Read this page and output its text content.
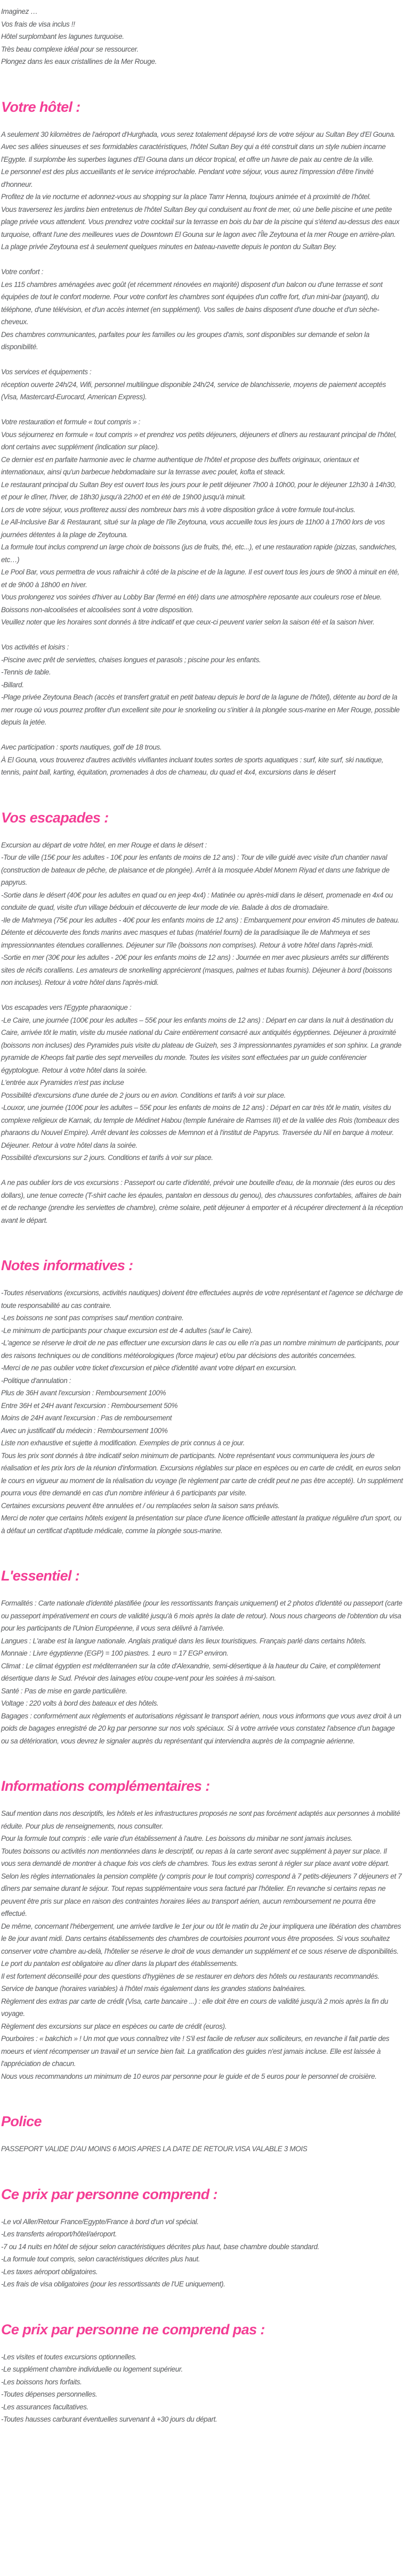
Imaginez …

Vos frais de visa inclus !!

Hôtel surplombant les lagunes turquoise.

Très beau complexe idéal pour se ressourcer.

Plongez dans les eaux cristallines de la Mer Rouge.

Votre hôtel :

A seulement 30 kilomètres de l'aéroport d'Hurghada, vous serez totalement dépaysé lors de votre séjour au Sultan Bey d'El Gouna.

Avec ses allées sinueuses et ses formidables caractéristiques, l'hôtel Sultan Bey qui a été construit dans un style nubien incarne l'Egypte. Il surplombe les superbes lagunes d'El Gouna dans un décor tropical, et offre un havre de paix au centre de la ville.

Le personnel est des plus accueillants et le service irréprochable. Pendant votre séjour, vous aurez l'impression d'être l'invité d'honneur.

Profitez de la vie nocturne et adonnez-vous au shopping sur la place Tamr Henna, toujours animée et à proximité de l'hôtel.

Vous traverserez les jardins bien entretenus de l'hôtel Sultan Bey qui conduisent au front de mer, où une belle piscine et une petite plage privée vous attendent. Vous prendrez votre cocktail sur la terrasse en bois du bar de la piscine qui s'étend au-dessus des eaux turquoise, offrant l'une des meilleures vues de Downtown El Gouna sur le lagon avec l'Île Zeytouna et la mer Rouge en arrière-plan. La plage privée Zeytouna est à seulement quelques minutes en bateau-navette depuis le ponton du Sultan Bey.

Votre confort :

Les 115 chambres aménagées avec goût (et récemment rénovées en majorité) disposent d'un balcon ou d'une terrasse et sont équipées de tout le confort moderne. Pour votre confort les chambres sont équipées d'un coffre fort, d'un mini-bar (payant), du téléphone, d'une télévision, et d'un accès internet (en supplément). Vos salles de bains disposent d'une douche et d'un sèche-cheveux.

Des chambres communicantes, parfaites pour les familles ou les groupes d'amis, sont disponibles sur demande et selon la disponibilité.

Vos services et équipements :

réception ouverte 24h/24, Wifi, personnel multilingue disponible 24h/24, service de blanchisserie, moyens de paiement acceptés (Visa, Mastercard-Eurocard, American Express).

Votre restauration et formule « tout compris » :

Vous séjournerez en formule « tout compris » et prendrez vos petits déjeuners, déjeuners et dîners au restaurant principal de l'hôtel, dont certains avec supplément (indication sur place).

Ce dernier est en parfaite harmonie avec le charme authentique de l'hôtel et propose des buffets originaux, orientaux et internationaux, ainsi qu'un barbecue hebdomadaire sur la terrasse avec poulet, kofta et steack.

Le restaurant principal du Sultan Bey est ouvert tous les jours pour le petit déjeuner 7h00 à 10h00, pour le déjeuner 12h30 à 14h30, et pour le dîner, l'hiver, de 18h30 jusqu'à 22h00 et en été de 19h00 jusqu'à minuit.

Lors de votre séjour, vous profiterez aussi des nombreux bars mis à votre disposition grâce à votre formule tout-inclus.

Le All-Inclusive Bar & Restaurant, situé sur la plage de l'île Zeytouna, vous accueille tous les jours de 11h00 à 17h00 lors de vos journées détentes à la plage de Zeytouna.

La formule tout inclus comprend un large choix de boissons (jus de fruits, thé, etc...), et une restauration rapide (pizzas, sandwiches, etc…)

Le Pool Bar, vous permettra de vous rafraichir à côté de la piscine et de la lagune. Il est ouvert tous les jours de 9h00 à minuit en été, et de 9h00 à 18h00 en hiver.

Vous prolongerez vos soirées d'hiver au Lobby Bar (fermé en été) dans une atmosphère reposante aux couleurs rose et bleue. Boissons non-alcoolisées et alcoolisées sont à votre disposition.

Veuillez noter que les horaires sont donnés à titre indicatif et que ceux-ci peuvent varier selon la saison été et la saison hiver.

Vos activités et loisirs :

-Piscine avec prêt de serviettes, chaises longues et parasols ; piscine pour les enfants.

-Tennis de table.

-Billard.

-Plage privée Zeytouna Beach (accès et transfert gratuit en petit bateau depuis le bord de la lagune de l'hôtel), détente au bord de la mer rouge où vous pourrez profiter d'un excellent site pour le snorkeling ou s'initier à la plongée sous-marine en Mer Rouge, possible depuis la jetée.

Avec participation : sports nautiques, golf de 18 trous.

À El Gouna, vous trouverez d'autres activités vivifiantes incluant toutes sortes de sports aquatiques : surf, kite surf, ski nautique, tennis, paint ball, karting, équitation, promenades à dos de chameau, du quad et 4x4, excursions dans le désert

Vos escapades :

Excursion au départ de votre hôtel, en mer Rouge et dans le désert :

-Tour de ville (15€ pour les adultes - 10€ pour les enfants de moins de 12 ans) : Tour de ville guidé avec visite d'un chantier naval (construction de bateaux de pêche, de plaisance et de plongée). Arrêt à la mosquée Abdel Monem Riyad et dans une fabrique de papyrus.

-Sortie dans le désert (40€ pour les adultes en quad ou en jeep 4x4) : Matinée ou après-midi dans le désert, promenade en 4x4 ou conduite de quad, visite d'un village bédouin et découverte de leur mode de vie. Balade à dos de dromadaire.

-Ile de Mahmeya (75€ pour les adultes - 40€ pour les enfants moins de 12 ans) : Embarquement pour environ 45 minutes de bateau. Détente et découverte des fonds marins avec masques et tubas (matériel fourni) de la paradisiaque île de Mahmeya et ses impressionnantes étendues coralliennes. Déjeuner sur l'île (boissons non comprises). Retour à votre hôtel dans l'après-midi.

-Sortie en mer (30€ pour les adultes - 20€ pour les enfants moins de 12 ans) : Journée en mer avec plusieurs arrêts sur différents sites de récifs coralliens. Les amateurs de snorkelling apprécieront (masques, palmes et tubas fournis). Déjeuner à bord (boissons non incluses). Retour à votre hôtel dans l'après-midi.

Vos escapades vers l'Egypte pharaonique :

-Le Caire, une journée (100€ pour les adultes – 55€ pour les enfants moins de 12 ans) : Départ en car dans la nuit à destination du Caire, arrivée tôt le matin, visite du musée national du Caire entièrement consacré aux antiquités égyptiennes. Déjeuner à proximité (boissons non incluses) des Pyramides puis visite du plateau de Guizeh, ses 3 impressionnantes pyramides et son sphinx. La grande pyramide de Kheops fait partie des sept merveilles du monde. Toutes les visites sont effectuées par un guide conférencier égyptologue. Retour à votre hôtel dans la soirée.

L'entrée aux Pyramides n'est pas incluse

Possibilité d'excursions d'une durée de 2 jours ou en avion. Conditions et tarifs à voir sur place.

-Louxor, une journée (100€ pour les adultes – 55€ pour les enfants de moins de 12 ans) : Départ en car très tôt le matin, visites du complexe religieux de Karnak, du temple de Médinet Habou (temple funéraire de Ramses III) et de la vallée des Rois (tombeaux des pharaons du Nouvel Empire). Arrêt devant les colosses de Memnon et à l'institut de Papyrus. Traversée du Nil en barque à moteur. Déjeuner. Retour à votre hôtel dans la soirée.

Possibilité d'excursions sur 2 jours. Conditions et tarifs à voir sur place.

A ne pas oublier lors de vos excursions : Passeport ou carte d'identité, prévoir une bouteille d'eau, de la monnaie (des euros ou des dollars), une tenue correcte (T-shirt cache les épaules, pantalon en dessous du genou), des chaussures confortables, affaires de bain et de rechange (prendre les serviettes de chambre), crème solaire, petit déjeuner à emporter et à récupérer directement à la réception avant le départ.

Notes informatives :

-Toutes réservations (excursions, activités nautiques) doivent être effectuées auprès de votre représentant et l'agence se décharge de toute responsabilité au cas contraire.

-Les boissons ne sont pas comprises sauf mention contraire.

-Le minimum de participants pour chaque excursion est de 4 adultes (sauf le Caire).

-L'agence se réserve le droit de ne pas effectuer une excursion dans le cas ou elle n'a pas un nombre minimum de participants, pour des raisons techniques ou de conditions météorologiques (force majeur) et/ou par décisions des autorités concernées.

-Merci de ne pas oublier votre ticket d'excursion et pièce d'identité avant votre départ en excursion.

-Politique d'annulation :

Plus de 36H avant l'excursion : Remboursement 100%

Entre 36H et 24H avant l'excursion : Remboursement 50%

Moins de 24H avant l'excursion : Pas de remboursement

Avec un justificatif du médecin : Remboursement 100%

Liste non exhaustive et sujette à modification. Exemples de prix connus à ce jour.

Tous les prix sont donnés à titre indicatif selon minimum de participants. Notre représentant vous communiquera les jours de réalisation et les prix lors de la réunion d'information. Excursions réglables sur place en espèces ou en carte de crédit, en euros selon le cours en vigueur au moment de la réalisation du voyage (le règlement par carte de crédit peut ne pas être accepté). Un supplément pourra vous être demandé en cas d'un nombre inférieur à 6 participants par visite.

Certaines excursions peuvent être annulées et / ou remplacées selon la saison sans préavis.

Merci de noter que certains hôtels exigent la présentation sur place d'une licence officielle attestant la pratique régulière d'un sport, ou à défaut un certificat d'aptitude médicale, comme la plongée sous-marine.

L'essentiel :

Formalités : Carte nationale d'identité plastifiée (pour les ressortissants français uniquement) et 2 photos d'identité ou passeport (carte ou passeport impérativement en cours de validité jusqu'à 6 mois après la date de retour). Nous nous chargeons de l'obtention du visa pour les participants de l'Union Européenne, il vous sera délivré à l'arrivée.

Langues : L'arabe est la langue nationale. Anglais pratiqué dans les lieux touristiques. Français parlé dans certains hôtels.

Monnaie : Livre égyptienne (EGP) = 100 piastres. 1 euro = 17 EGP environ.

Climat : Le climat égyptien est méditerranéen sur la côte d'Alexandrie, semi-désertique à la hauteur du Caire, et complètement désertique dans le Sud. Prévoir des lainages et/ou coupe-vent pour les soirées à mi-saison.

Santé : Pas de mise en garde particulière.

Voltage : 220 volts à bord des bateaux et des hôtels.

Bagages : conformément aux règlements et autorisations régissant le transport aérien, nous vous informons que vous avez droit à un poids de bagages enregistré de 20 kg par personne sur nos vols spéciaux. Si à votre arrivée vous constatez l'absence d'un bagage ou sa détérioration, vous devrez le signaler auprès du représentant qui interviendra auprès de la compagnie aérienne.

Informations complémentaires :

Sauf mention dans nos descriptifs, les hôtels et les infrastructures proposés ne sont pas forcément adaptés aux personnes à mobilité réduite. Pour plus de renseignements, nous consulter.

Pour la formule tout compris : elle varie d'un établissement à l'autre. Les boissons du minibar ne sont jamais incluses.

Toutes boissons ou activités non mentionnées dans le descriptif, ou repas à la carte seront avec supplément à payer sur place. Il vous sera demandé de montrer à chaque fois vos clefs de chambres. Tous les extras seront à régler sur place avant votre départ.

Selon les règles internationales la pension complète (y compris pour le tout compris) correspond à 7 petits-déjeuners 7 déjeuners et 7 dîners par semaine durant le séjour. Tout repas supplémentaire vous sera facturé par l'hôtelier. En revanche si certains repas ne peuvent être pris sur place en raison des contraintes horaires liées au transport aérien, aucun remboursement ne pourra être effectué.

De même, concernant l'hébergement, une arrivée tardive le 1er jour ou tôt le matin du 2e jour impliquera une libération des chambres le 8e jour avant midi. Dans certains établissements des chambres de courtoisies pourront vous être proposées. Si vous souhaitez conserver votre chambre au-delà, l'hôtelier se réserve le droit de vous demander un supplément et ce sous réserve de disponibilités.

Le port du pantalon est obligatoire au dîner dans la plupart des établissements.

Il est fortement déconseillé pour des questions d'hygiènes de se restaurer en dehors des hôtels ou restaurants recommandés.

Service de banque (horaires variables) à l'hôtel mais également dans les grandes stations balnéaires.

Règlement des extras par carte de crédit (Visa, carte bancaire ...) : elle doit être en cours de validité jusqu'à 2 mois après la fin du voyage.

Règlement des excursions sur place en espèces ou carte de crédit (euros).

Pourboires : « bakchich » ! Un mot que vous connaîtrez vite ! S'il est facile de refuser aux solliciteurs, en revanche il fait partie des moeurs et vient récompenser un travail et un service bien fait. La gratification des guides n'est jamais incluse. Elle est laissée à l'appréciation de chacun.

Nous vous recommandons un minimum de 10 euros par personne pour le guide et de 5 euros pour le personnel de croisière.

Police

PASSEPORT VALIDE D'AU MOINS 6 MOIS APRES LA DATE DE RETOUR.VISA VALABLE 3 MOIS

Ce prix par personne comprend :

-Le vol Aller/Retour France/Egypte/France à bord d'un vol spécial.

-Les transferts aéroport/hôtel/aéroport.

-7 ou 14 nuits en hôtel de séjour selon caractéristiques décrites plus haut, base chambre double standard.

-La formule tout compris, selon caractéristiques décrites plus haut.

-Les taxes aéroport obligatoires.

-Les frais de visa obligatoires (pour les ressortissants de l'UE uniquement).

Ce prix par personne ne comprend pas :

-Les visites et toutes excursions optionnelles.

-Le supplément chambre individuelle ou logement supérieur.

-Les boissons hors forfaits.

-Toutes dépenses personnelles.

-Les assurances facultatives.

-Toutes hausses carburant éventuelles survenant à +30 jours du départ.
